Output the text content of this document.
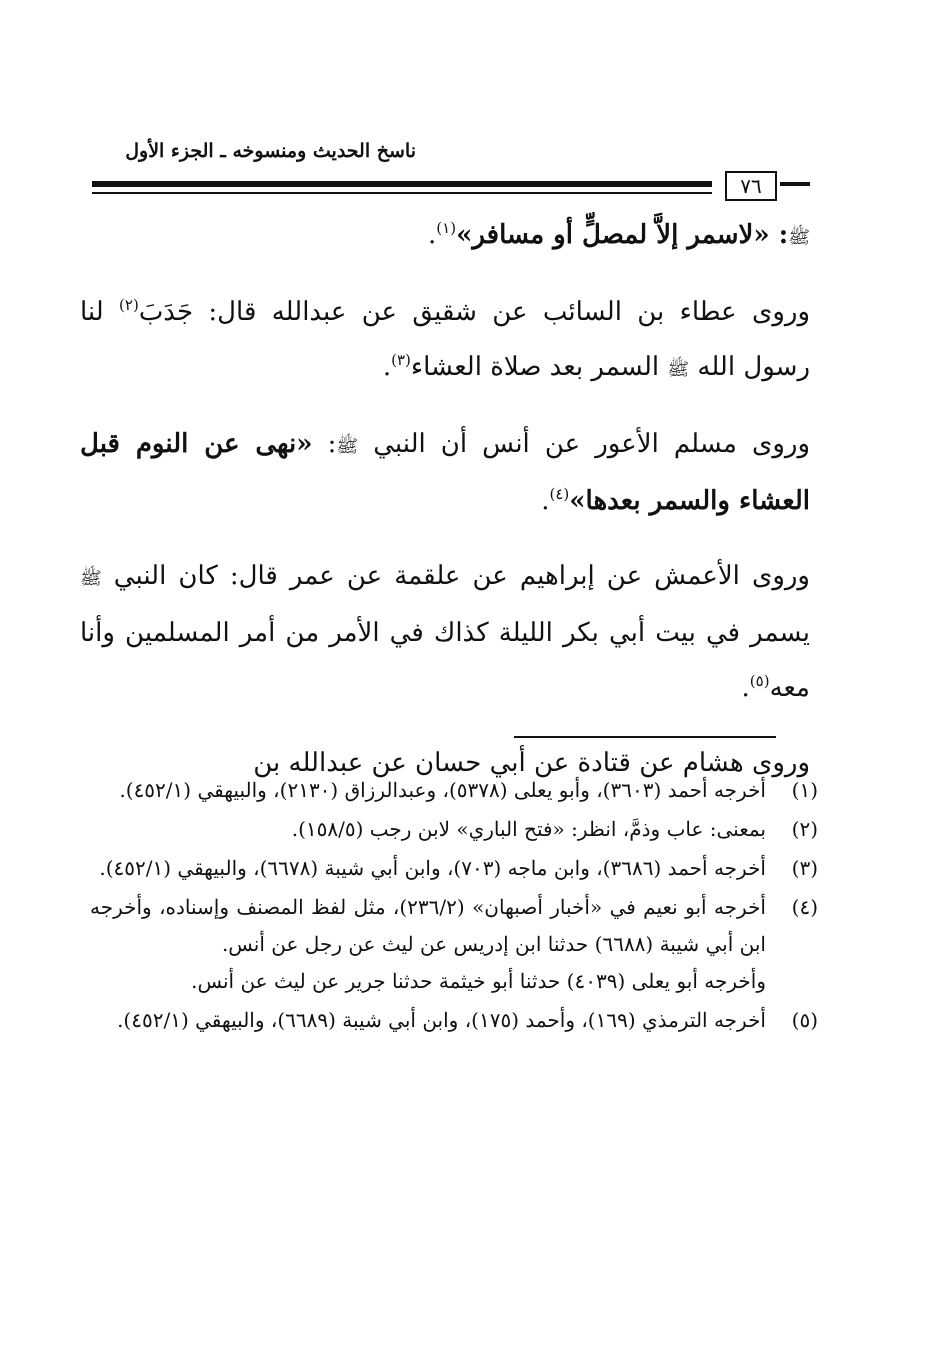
ناسخ الحديث ومنسوخه ـ الجزء الأول
٧٦

ﷺ: «لاسمر إلاَّ لمصلٍّ أو مسافر»$^{(١)}$.

وروى عطاء بن السائب عن شقيق عن عبدالله قال: جَدَبَ$^{(٢)}$ لنا رسول الله ﷺ السمر بعد صلاة العشاء$^{(٣)}$.

وروى مسلم الأعور عن أنس أن النبي ﷺ: «نهى عن النوم قبل العشاء والسمر بعدها»$^{(٤)}$.

وروى الأعمش عن إبراهيم عن علقمة عن عمر قال: كان النبي ﷺ يسمر في بيت أبي بكر الليلة كذاك في الأمر من أمر المسلمين وأنا معه$^{(٥)}$.

وروى هشام عن قتادة عن أبي حسان عن عبدالله بن

(١)
أخرجه أحمد (٣٦٠٣)، وأبو يعلى (٥٣٧٨)، وعبدالرزاق (٢١٣٠)، والبيهقي (٤٥٢/١).
(٢)
بمعنى: عاب وذمَّ، انظر: «فتح الباري» لابن رجب (١٥٨/٥).
(٣)
أخرجه أحمد (٣٦٨٦)، وابن ماجه (٧٠٣)، وابن أبي شيبة (٦٦٧٨)، والبيهقي (٤٥٢/١).
(٤)
أخرجه أبو نعيم في «أخبار أصبهان» (٢٣٦/٢)، مثل لفظ المصنف وإسناده، وأخرجه ابن أبي شيبة (٦٦٨٨) حدثنا ابن إدريس عن ليث عن رجل عن أنس.
وأخرجه أبو يعلى (٤٠٣٩) حدثنا أبو خيثمة حدثنا جرير عن ليث عن أنس.
(٥)
أخرجه الترمذي (١٦٩)، وأحمد (١٧٥)، وابن أبي شيبة (٦٦٨٩)، والبيهقي (٤٥٢/١).
